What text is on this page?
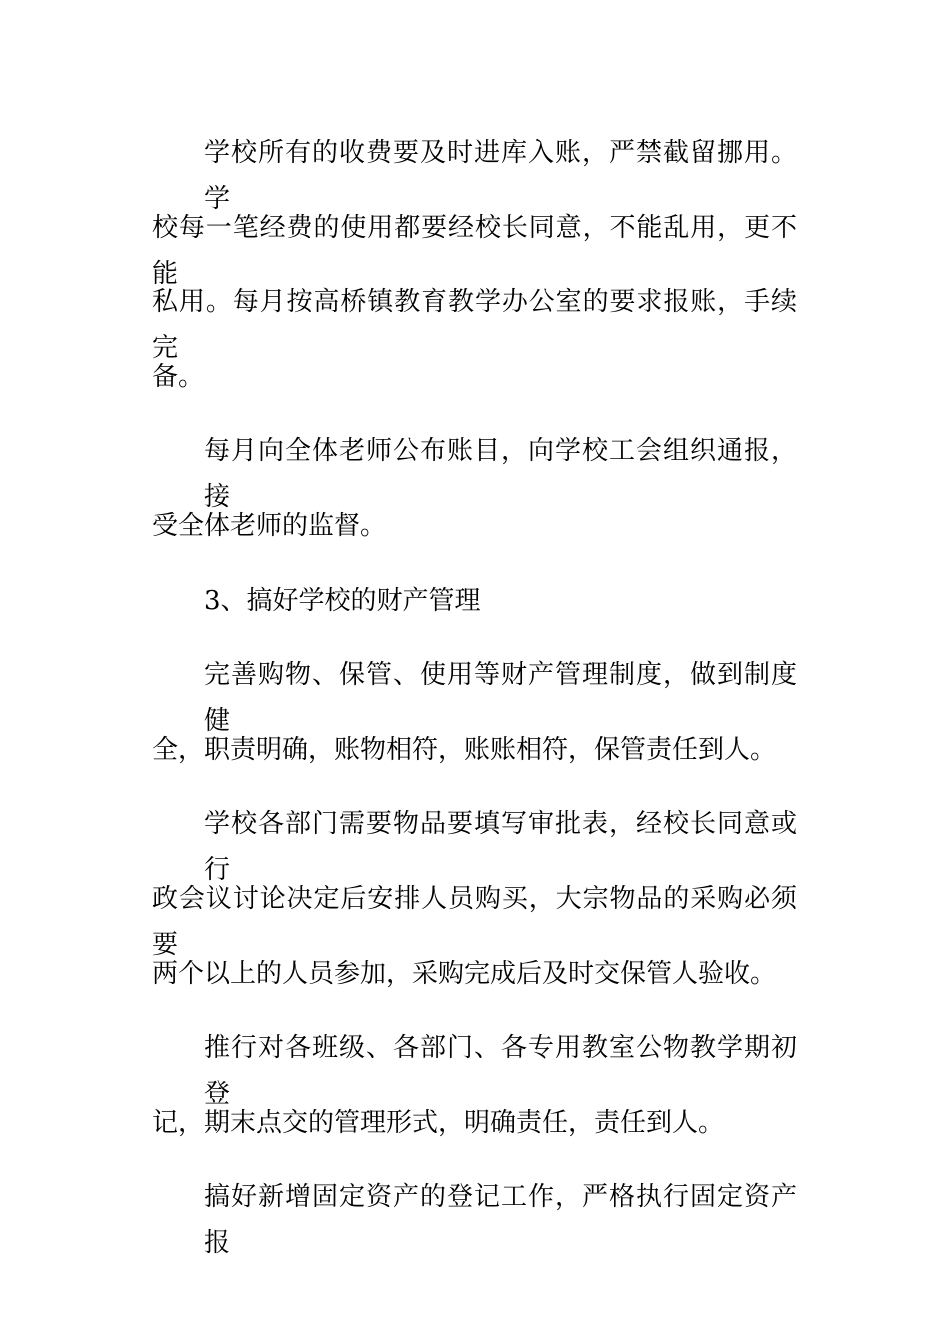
学校所有的收费要及时进库入账，严禁截留挪用。学
校每一笔经费的使用都要经校长同意，不能乱用，更不能
私用。每月按高桥镇教育教学办公室的要求报账，手续完
备。
每月向全体老师公布账目，向学校工会组织通报，接
受全体老师的监督。
3、搞好学校的财产管理
完善购物、保管、使用等财产管理制度，做到制度健
全，职责明确，账物相符，账账相符，保管责任到人。
学校各部门需要物品要填写审批表，经校长同意或行
政会议讨论决定后安排人员购买，大宗物品的采购必须要
两个以上的人员参加，采购完成后及时交保管人验收。
推行对各班级、各部门、各专用教室公物教学期初登
记，期末点交的管理形式，明确责任，责任到人。
搞好新增固定资产的登记工作，严格执行固定资产报
